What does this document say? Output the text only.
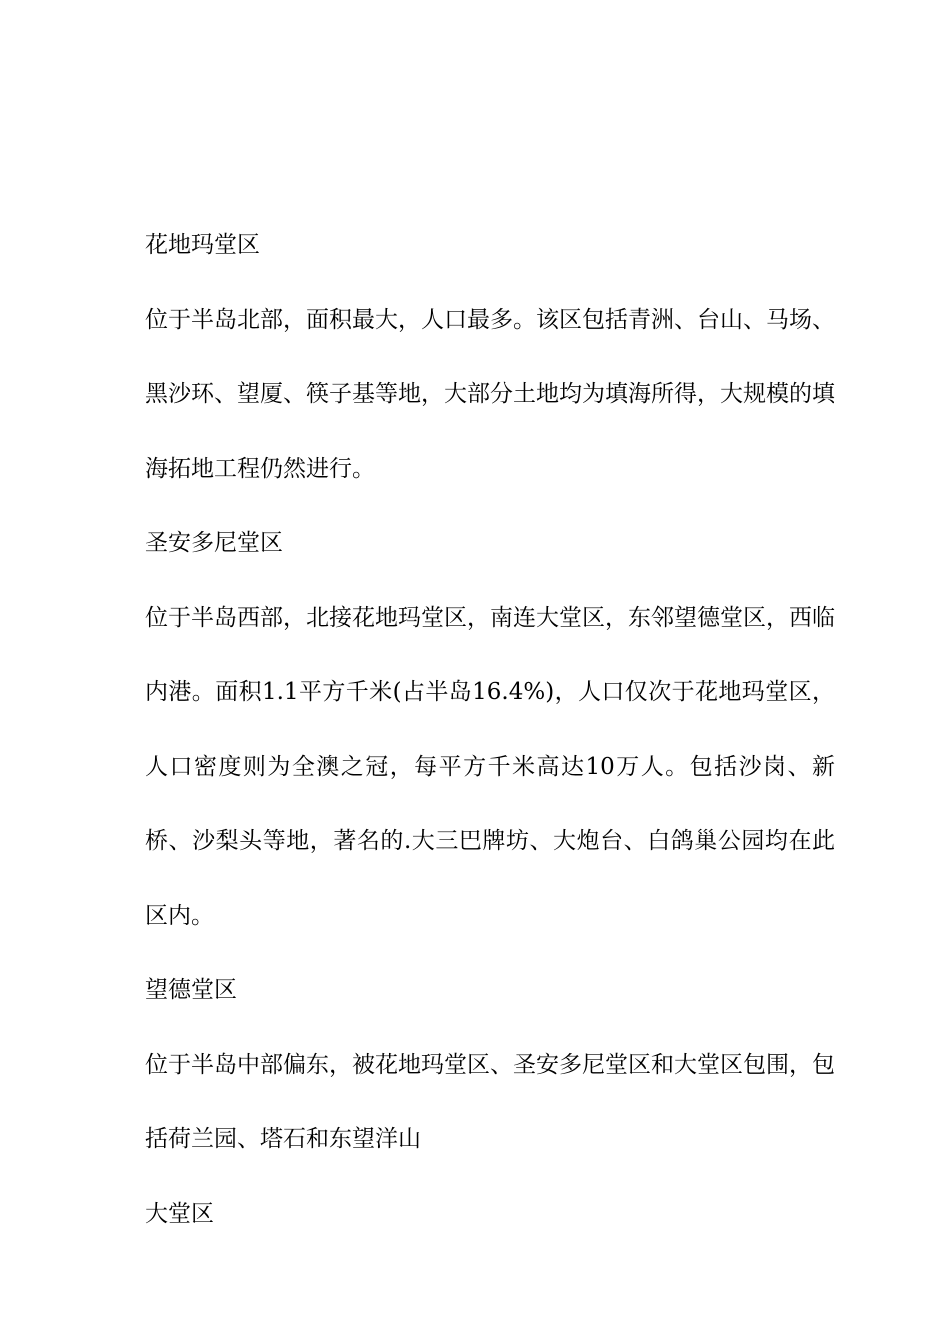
花地玛堂区

位于半岛北部，面积最大，人口最多。该区包括青洲、台山、马场、黑沙环、望厦、筷子基等地，大部分土地均为填海所得，大规模的填海拓地工程仍然进行。

圣安多尼堂区

位于半岛西部，北接花地玛堂区，南连大堂区，东邻望德堂区，西临内港。面积1.1平方千米(占半岛16.4%)，人口仅次于花地玛堂区，人口密度则为全澳之冠，每平方千米高达10万人。包括沙岗、新桥、沙梨头等地，著名的.大三巴牌坊、大炮台、白鸽巢公园均在此区内。

望德堂区

位于半岛中部偏东，被花地玛堂区、圣安多尼堂区和大堂区包围，包括荷兰园、塔石和东望洋山

大堂区
